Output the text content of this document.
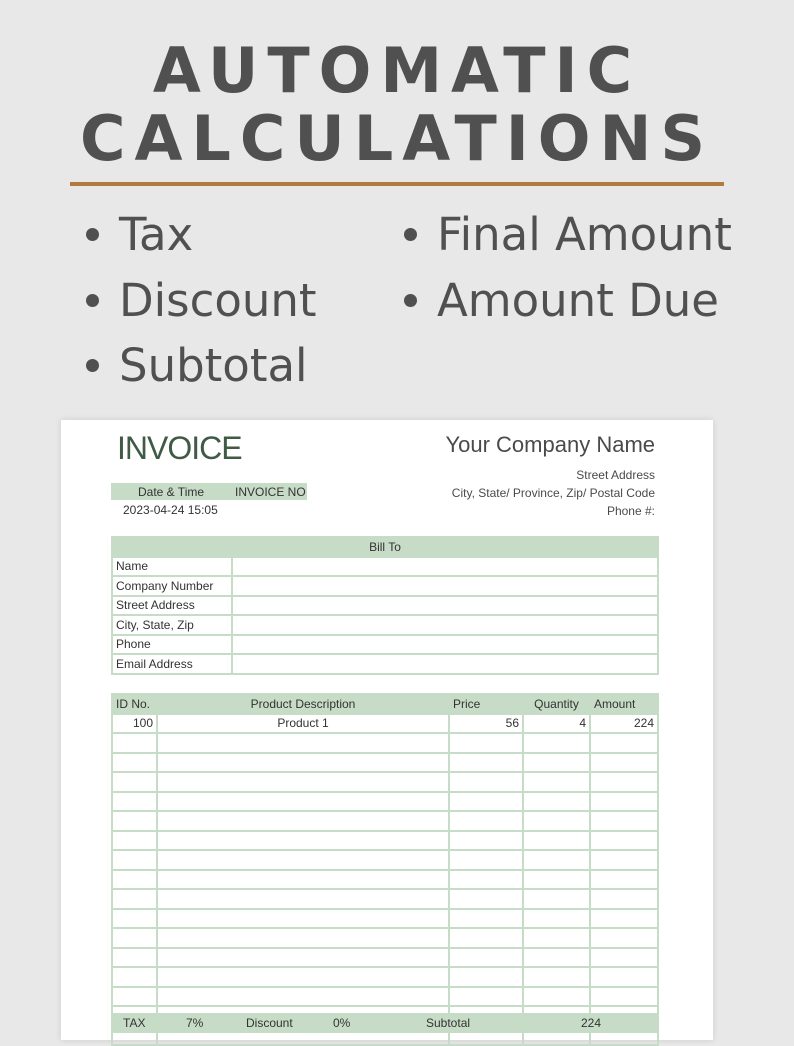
AUTOMATIC
CALCULATIONS
Tax
Discount
Subtotal
Final Amount
Amount Due
INVOICE	Your Company Name
Street Address
City, State/ Province, Zip/ Postal Code
Phone #:
Date & Time	INVOICE NO
2023-04-24 15:05
Bill To	
Name	
Company Number	
Street Address	
City, State, Zip	
Phone	
Email Address	
ID No.	Product Description	Price	Quantity	Amount
100	Product 1	56	4	224

TAX	7%	Discount	0%	Subtotal	224
